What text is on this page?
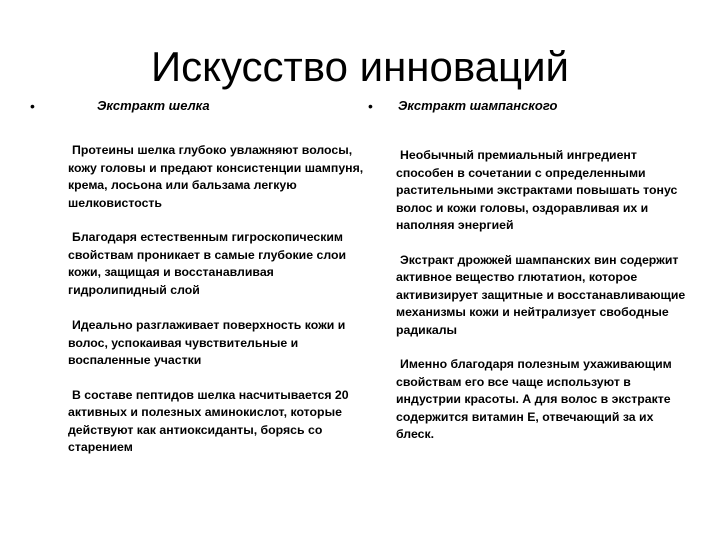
Искусство инноваций
•	Экстракт шелка

Протеины шелка глубоко увлажняют волосы, кожу головы и предают консистенции шампуня, крема, лосьона или бальзама легкую шелковистость

Благодаря естественным гигроскопическим свойствам проникает в самые глубокие слои кожи, защищая и восстанавливая гидролипидный слой

Идеально разглаживает поверхность кожи и волос, успокаивая чувствительные и воспаленные участки

В составе пептидов шелка насчитывается 20 активных и полезных аминокислот, которые действуют как антиоксиданты, борясь со старением

• Экстракт шампанского

Необычный премиальный ингредиент способен в сочетании с определенными растительными экстрактами повышать тонус волос и кожи головы, оздоравливая их и наполняя энергией

Экстракт дрожжей шампанских вин содержит активное вещество глютатион, которое активизирует защитные и восстанавливающие механизмы кожи и нейтрализует свободные радикалы

Именно благодаря полезным ухаживающим свойствам его все чаще используют в индустрии красоты. А для волос в экстракте содержится витамин Е, отвечающий за их блеск.
